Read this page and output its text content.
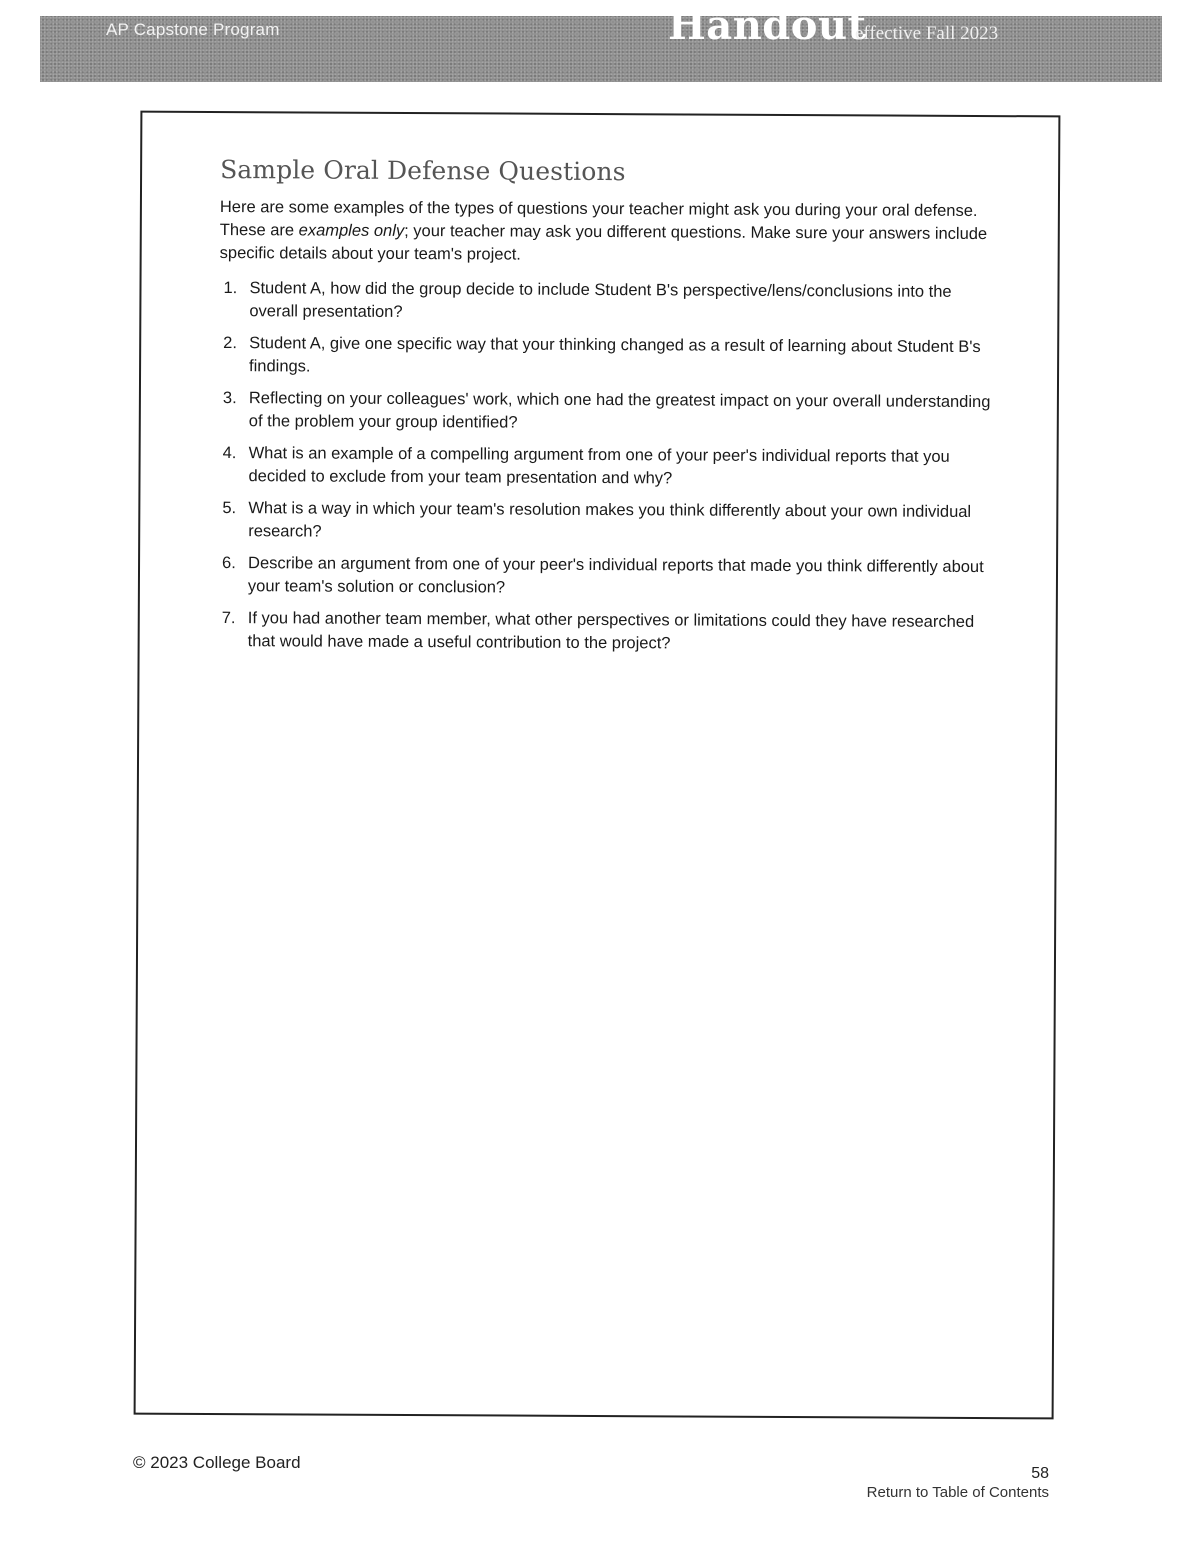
AP Capstone Program	Handout
effective Fall 2023
Sample Oral Defense Questions

Here are some examples of the types of questions your teacher might ask you during your oral defense. These are examples only; your teacher may ask you different questions. Make sure your answers include specific details about your team's project.

1. Student A, how did the group decide to include Student B's perspective/lens/conclusions into the overall presentation?
2. Student A, give one specific way that your thinking changed as a result of learning about Student B's findings.
3. Reflecting on your colleagues' work, which one had the greatest impact on your overall understanding of the problem your group identified?
4. What is an example of a compelling argument from one of your peer's individual reports that you decided to exclude from your team presentation and why?
5. What is a way in which your team's resolution makes you think differently about your own individual research?
6. Describe an argument from one of your peer's individual reports that made you think differently about your team's solution or conclusion?
7. If you had another team member, what other perspectives or limitations could they have researched that would have made a useful contribution to the project?
© 2023 College Board
58
Return to Table of Contents
